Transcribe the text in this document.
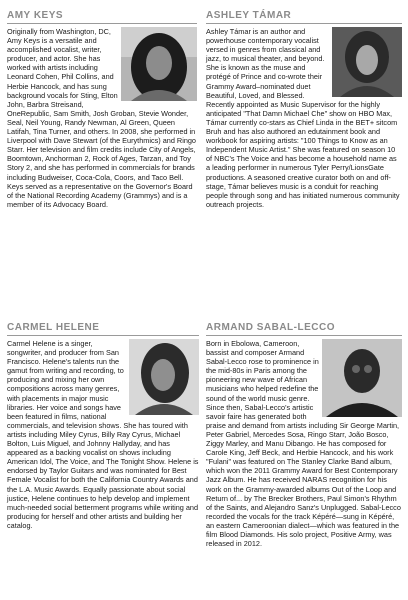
AMY KEYS

Originally from Washington, DC, Amy Keys is a versatile and accomplished vocalist, writer, producer, and actor. She has worked with artists including Leonard Cohen, Phil Collins, and Herbie Hancock, and has sung background vocals for Sting, Elton John, Barbra Streisand, OneRepublic, Sam Smith, Josh Groban, Stevie Wonder, Seal, Neil Young, Randy Newman, Al Green, Queen Latifah, Tina Turner, and others. In 2008, she performed in Liverpool with Dave Stewart (of the Eurythmics) and Ringo Starr. Her television and film credits include City of Angels, Boomtown, Anchorman 2, Rock of Ages, Tarzan, and Toy Story 2, and she has performed in commercials for brands including Budweiser, Coca-Cola, Coors, and Taco Bell. Keys served as a representative on the Governor's Board of the National Recording Academy (Grammys) and is a member of its Advocacy Board.

ASHLEY TÁMAR

Ashley Támar is an author and powerhouse contemporary vocalist versed in genres from classical and jazz, to musical theater, and beyond. She is known as the muse and protégé of Prince and co-wrote their Grammy Award–nominated duet Beautiful, Loved, and Blessed. Recently appointed as Music Supervisor for the highly anticipated "That Damn Michael Che" show on HBO Max, Támar currently co-stars as Chief Linda in the BET+ sitcom Bruh and has also authored an edutainment book and workbook for aspiring artists: "100 Things to Know as an Independent Music Artist." She was featured on season 10 of NBC's The Voice and has become a household name as a leading performer in numerous Tyler Perry/LionsGate productions. A seasoned creative curator both on and off-stage, Támar believes music is a conduit for reaching people through song and has initiated numerous community outreach projects.

CARMEL HELENE

Carmel Helene is a singer, songwriter, and producer from San Francisco. Helene's talents run the gamut from writing and recording, to producing and mixing her own compositions across many genres, with placements in major music libraries. Her voice and songs have been featured in films, national commercials, and television shows. She has toured with artists including Miley Cyrus, Billy Ray Cyrus, Michael Bolton, Luis Miguel, and Johnny Hallyday, and has appeared as a backing vocalist on shows including American Idol, The Voice, and The Tonight Show. Helene is endorsed by Taylor Guitars and was nominated for Best Female Vocalist for both the California Country Awards and the L.A. Music Awards. Equally passionate about social justice, Helene continues to help develop and implement much-needed social betterment programs while writing and producing for herself and other artists and building her catalog.

ARMAND SABAL-LECCO

Born in Ebolowa, Cameroon, bassist and composer Armand Sabal-Lecco rose to prominence in the mid-80s in Paris among the pioneering new wave of African musicians who helped redefine the sound of the world music genre. Since then, Sabal-Lecco's artistic savoir faire has generated both praise and demand from artists including Sir George Martin, Peter Gabriel, Mercedes Sosa, Ringo Starr, João Bosco, Ziggy Marley, and Manu Dibango. He has composed for Carole King, Jeff Beck, and Herbie Hancock, and his work "Fulani" was featured on The Stanley Clarke Band album, which won the 2011 Grammy Award for Best Contemporary Jazz Album. He has received NARAS recognition for his work on the Grammy-awarded albums Out of the Loop and Return of... by The Brecker Brothers, Paul Simon's Rhythm of the Saints, and Alejandro Sanz's Unplugged. Sabal-Lecco recorded the vocals for the track Képéré—sung in Képéré, an eastern Cameroonian dialect—which was featured in the film Blood Diamonds. His solo project, Positive Army, was released in 2012.
